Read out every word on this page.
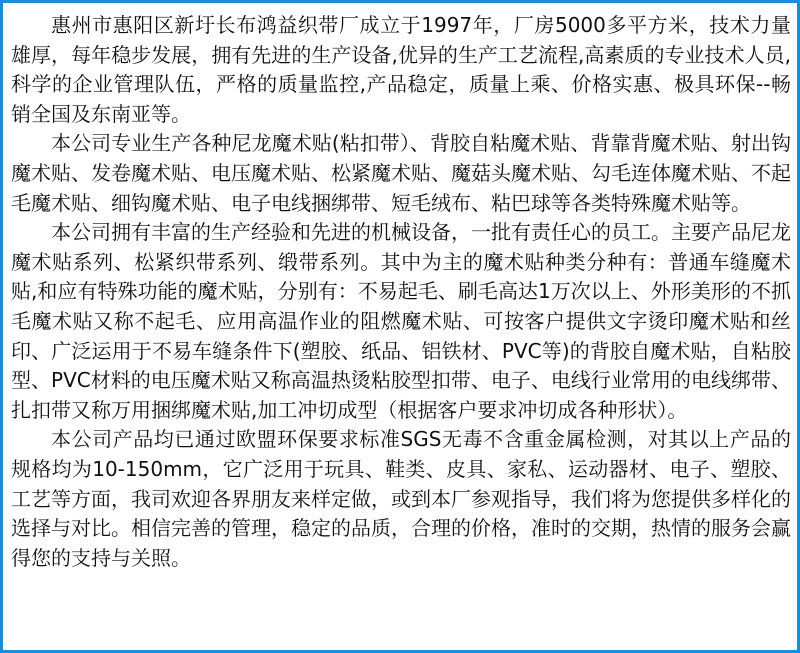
惠州市惠阳区新圩长布鸿益织带厂成立于1997年，厂房5000多平方米，技术力量雄厚，每年稳步发展，拥有先进的生产设备,优异的生产工艺流程,高素质的专业技术人员,科学的企业管理队伍，严格的质量监控,产品稳定，质量上乘、价格实惠、极具环保--畅销全国及东南亚等。

本公司专业生产各种尼龙魔术贴(粘扣带）、背胶自粘魔术贴、背靠背魔术贴、射出钩魔术贴、发卷魔术贴、电压魔术贴、松紧魔术贴、魔菇头魔术贴、勾毛连体魔术贴、不起毛魔术贴、细钩魔术贴、电子电线捆绑带、短毛绒布、粘巴球等各类特殊魔术贴等。

本公司拥有丰富的生产经验和先进的机械设备，一批有责任心的员工。主要产品尼龙魔术贴系列、松紧织带系列、缎带系列。其中为主的魔术贴种类分种有：普通车缝魔术贴,和应有特殊功能的魔术贴，分别有：不易起毛、刷毛高达1万次以上、外形美形的不抓毛魔术贴又称不起毛、应用高温作业的阻燃魔术贴、可按客户提供文字烫印魔术贴和丝印、广泛运用于不易车缝条件下(塑胶、纸品、铝铁材、PVC等)的背胶自魔术贴，自粘胶型、PVC材料的电压魔术贴又称高温热烫粘胶型扣带、电子、电线行业常用的电线绑带、扎扣带又称万用捆绑魔术贴,加工冲切成型（根据客户要求冲切成各种形状）。

本公司产品均已通过欧盟环保要求标准SGS无毒不含重金属检测，对其以上产品的规格均为10-150mm，它广泛用于玩具、鞋类、皮具、家私、运动器材、电子、塑胶、工艺等方面，我司欢迎各界朋友来样定做，或到本厂参观指导，我们将为您提供多样化的选择与对比。相信完善的管理，稳定的品质，合理的价格，准时的交期，热情的服务会赢得您的支持与关照。
